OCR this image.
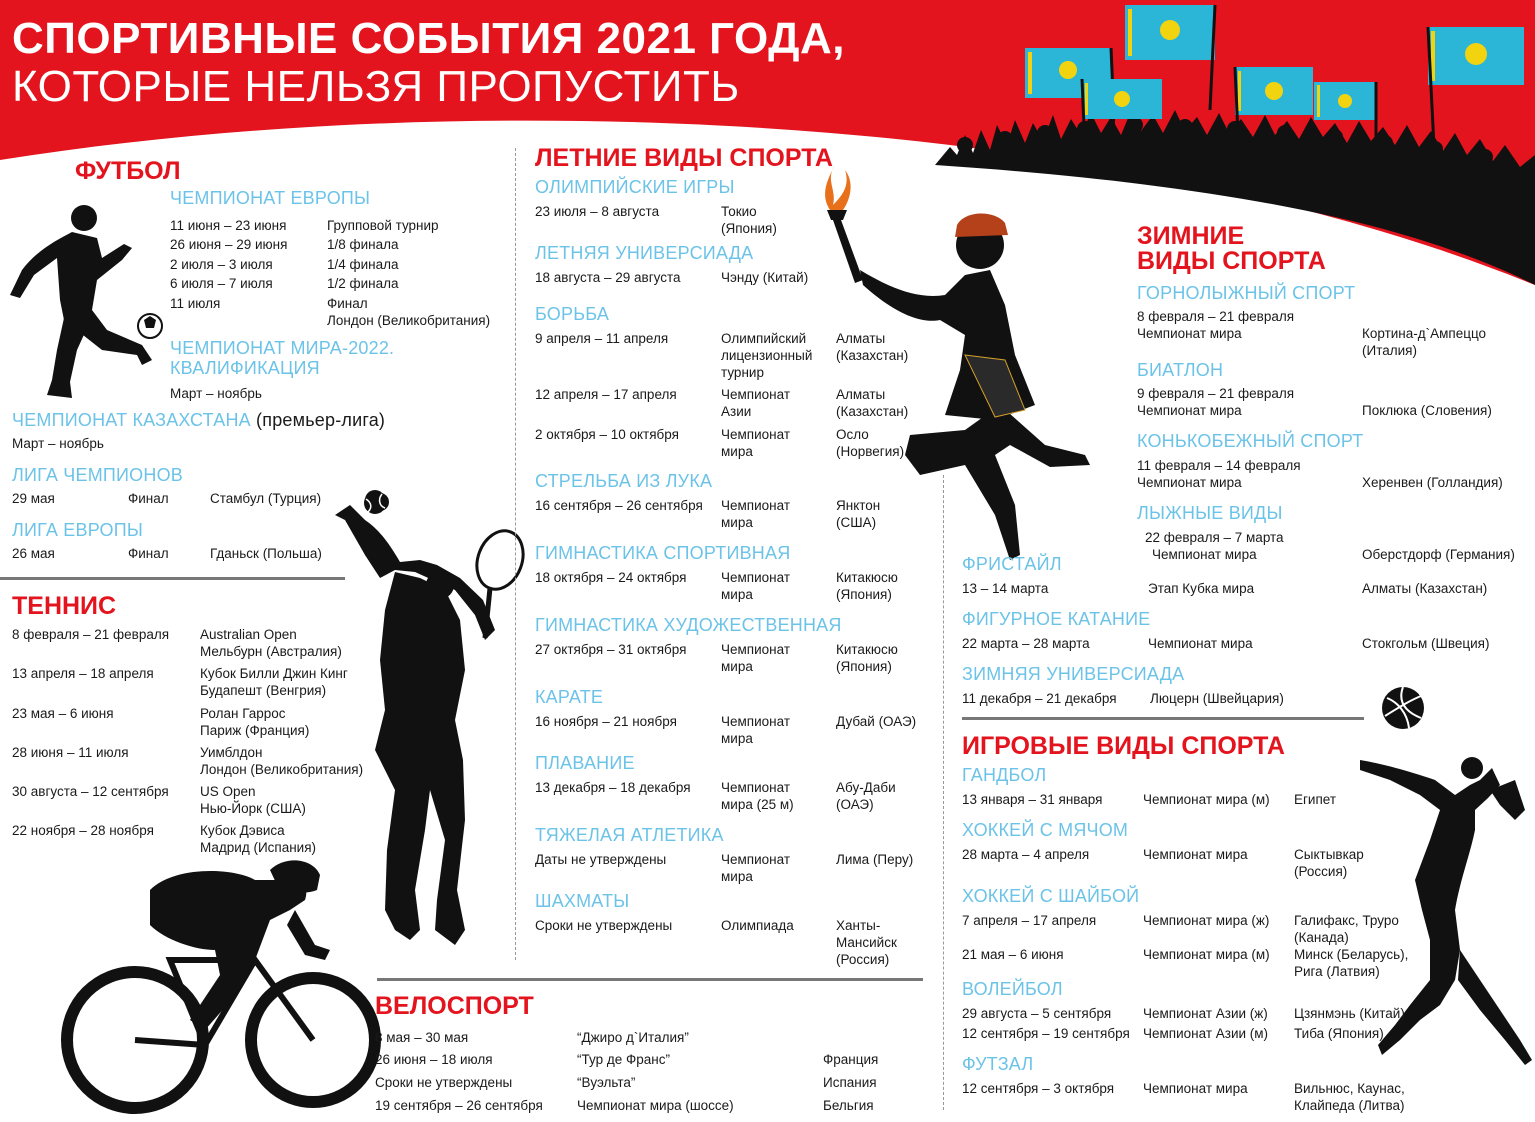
СПОРТИВНЫЕ СОБЫТИЯ 2021 ГОДА,
КОТОРЫЕ НЕЛЬЗЯ ПРОПУСТИТЬ
ФУТБОЛ
ЧЕМПИОНАТ ЕВРОПЫ
11 июня – 23 июня	Групповой турнир
26 июня – 29 июня	1/8 финала
2 июля – 3 июля	1/4 финала
6 июля – 7 июля	1/2 финала
11 июля	Финал
Лондон (Великобритания)
ЧЕМПИОНАТ МИРА-2022.
КВАЛИФИКАЦИЯ
Март – ноябрь
ЧЕМПИОНАТ КАЗАХСТАНА (премьер-лига)
Март – ноябрь
ЛИГА ЧЕМПИОНОВ
29 мая	Финал	Стамбул (Турция)
ЛИГА ЕВРОПЫ
26 мая	Финал	Гданьск (Польша)
ТЕННИС
8 февраля – 21 февраля Australian Open
Мельбурн (Австралия)
13 апреля – 18 апреля	Кубок Билли Джин Кинг
Будапешт (Венгрия)
23 мая – 6 июня	Ролан Гаррос
Париж (Франция)
28 июня – 11 июля	Уимблдон
Лондон (Великобритания)
30 августа – 12 сентября US Open
Нью-Йорк (США)
22 ноября – 28 ноября	Кубок Дэвиса
Мадрид (Испания)
ЛЕТНИЕ ВИДЫ СПОРТА
ОЛИМПИЙСКИЕ ИГРЫ
23 июля – 8 августа	Токио
(Япония)
ЛЕТНЯЯ УНИВЕРСИАДА
18 августа – 29 августа	Чэнду (Китай)
БОРЬБА
9 апреля – 11 апреля	Олимпийский
лицензионный
турнир
Алматы
(Казахстан)
12 апреля – 17 апреля	Чемпионат
Азии
Алматы
(Казахстан)
2 октября – 10 октября	Чемпионат
мира
Осло
(Норвегия)
СТРЕЛЬБА ИЗ ЛУКА
16 сентября – 26 сентября Чемпионат
мира
Янктон
(США)
ГИМНАСТИКА СПОРТИВНАЯ
18 октября – 24 октября	Чемпионат
мира
Китакюсю
(Япония)
ГИМНАСТИКА ХУДОЖЕСТВЕННАЯ
27 октября – 31 октября	Чемпионат
мира
Китакюсю
(Япония)
КАРАТЕ
16 ноября – 21 ноября	Чемпионат
мира
Дубай (ОАЭ)
ПЛАВАНИЕ
13 декабря – 18 декабря Чемпионат
мира (25 м)
Абу-Даби
(ОАЭ)
ТЯЖЕЛАЯ АТЛЕТИКА
Даты не утверждены	Чемпионат
мира
Лима (Перу)
ШАХМАТЫ
Сроки не утверждены	Олимпиада	Ханты-
Мансийск
(Россия)
ВЕЛОСПОРТ
8 мая – 30 мая	“Джиро д`Италия”
26 июня – 18 июля	“Тур де Франс”	Франция
Сроки не утверждены	“Вуэльта”	Испания
19 сентября – 26 сентября	Чемпионат мира (шоссе)	Бельгия
ЗИМНИЕ
ВИДЫ СПОРТА
ГОРНОЛЫЖНЫЙ СПОРТ
8 февраля – 21 февраля
Чемпионат мира	Кортина-д`Ампеццо
(Италия)
БИАТЛОН
9 февраля – 21 февраля
Чемпионат мира	Поклюка (Словения)
КОНЬКОБЕЖНЫЙ СПОРТ
11 февраля – 14 февраля
Чемпионат мира	Херенвен (Голландия)
ЛЫЖНЫЕ ВИДЫ
22 февраля – 7 марта
Чемпионат мира	Оберстдорф (Германия)
ФРИСТАЙЛ
13 – 14 марта	Этап Кубка мира	Алматы (Казахстан)
ФИГУРНОЕ КАТАНИЕ
22 марта – 28 марта	Чемпионат мира	Стокгольм (Швеция)
ЗИМНЯЯ УНИВЕРСИАДА
11 декабря – 21 декабря Люцерн (Швейцария)
ИГРОВЫЕ ВИДЫ СПОРТА
ГАНДБОЛ
13 января – 31 января	Чемпионат мира (м) Египет
ХОККЕЙ С МЯЧОМ
28 марта – 4 апреля	Чемпионат мира	Сыктывкар
(Россия)
ХОККЕЙ С ШАЙБОЙ
7 апреля – 17 апреля	Чемпионат мира (ж) Галифакс, Труро
(Канада)
21 мая – 6 июня	Чемпионат мира (м) Минск (Беларусь),
Рига (Латвия)
ВОЛЕЙБОЛ
29 августа – 5 сентября Чемпионат Азии (ж) Цзянмэнь (Китай)
12 сентября – 19 сентября Чемпионат Азии (м) Тиба (Япония)
ФУТЗАЛ
12 сентября – 3 октября Чемпионат мира	Вильнюс, Каунас,
Клайпеда (Литва)
